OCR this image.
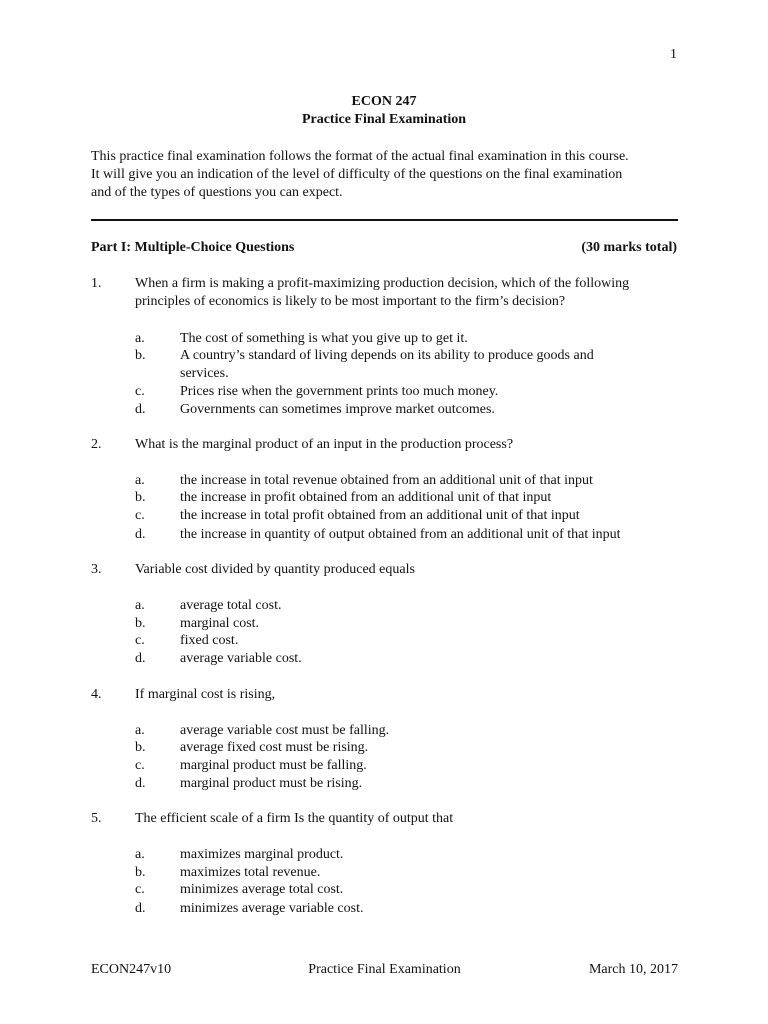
1
ECON 247
Practice Final Examination
This practice final examination follows the format of the actual final examination in this course.
It will give you an indication of the level of difficulty of the questions on the final examination
and of the types of questions you can expect.
Part I: Multiple-Choice Questions	(30 marks total)
1. When a firm is making a profit-maximizing production decision, which of the following
principles of economics is likely to be most important to the firm’s decision?
a.	The cost of something is what you give up to get it.
b. A country’s standard of living depends on its ability to produce goods and
services.
c.	Prices rise when the government prints too much money.
d. Governments can sometimes improve market outcomes.
2. What is the marginal product of an input in the production process?
a.	the increase in total revenue obtained from an additional unit of that input
b. the increase in profit obtained from an additional unit of that input
c.	the increase in total profit obtained from an additional unit of that input
d. the increase in quantity of output obtained from an additional unit of that input
3. Variable cost divided by quantity produced equals
a.	average total cost.
b. marginal cost.
c.	fixed cost.
d. average variable cost.
4. If marginal cost is rising,
a.	average variable cost must be falling.
b. average fixed cost must be rising.
c.	marginal product must be falling.
d. marginal product must be rising.
5. The efficient scale of a firm Is the quantity of output that
a.	maximizes marginal product.
b. maximizes total revenue.
c.	minimizes average total cost.
d. minimizes average variable cost.
ECON247v10	Practice Final Examination	March 10, 2017
